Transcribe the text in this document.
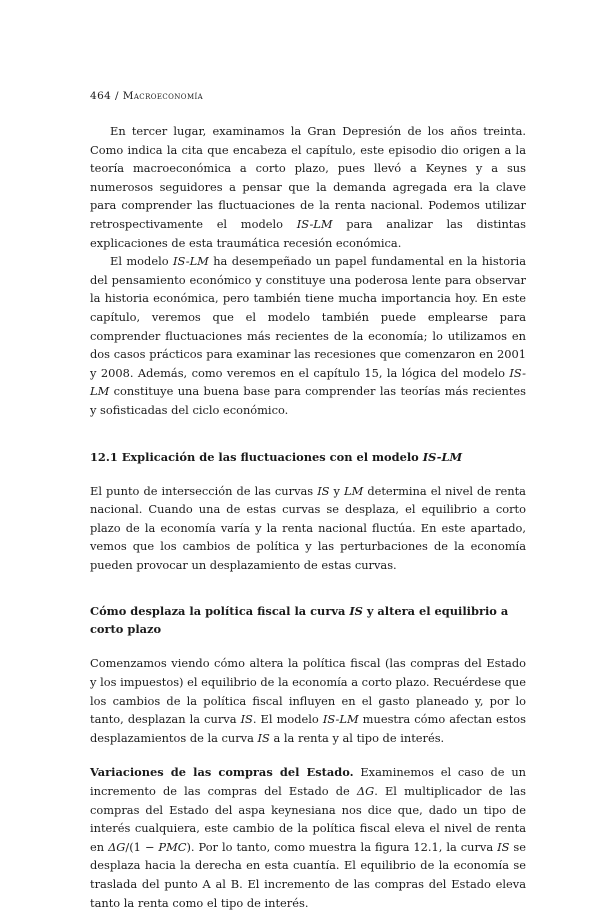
464 / Macroeconomía

En tercer lugar, examinamos la Gran Depresión de los años treinta. Como indica la cita que encabeza el capítulo, este episodio dio origen a la teoría macroeconómica a corto plazo, pues llevó a Keynes y a sus numerosos seguidores a pensar que la demanda agregada era la clave para comprender las fluctuaciones de la renta nacional. Podemos utilizar retrospectivamente el modelo IS-LM para analizar las distintas explicaciones de esta traumática recesión económica.

El modelo IS-LM ha desempeñado un papel fundamental en la historia del pensamiento económico y constituye una poderosa lente para observar la historia económica, pero también tiene mucha importancia hoy. En este capítulo, veremos que el modelo también puede emplearse para comprender fluctuaciones más recientes de la economía; lo utilizamos en dos casos prácticos para examinar las recesiones que comenzaron en 2001 y 2008. Además, como veremos en el capítulo 15, la lógica del modelo IS-LM constituye una buena base para comprender las teorías más recientes y sofisticadas del ciclo económico.

12.1 Explicación de las fluctuaciones con el modelo IS-LM

El punto de intersección de las curvas IS y LM determina el nivel de renta nacional. Cuando una de estas curvas se desplaza, el equilibrio a corto plazo de la economía varía y la renta nacional fluctúa. En este apartado, vemos que los cambios de política y las perturbaciones de la economía pueden provocar un desplazamiento de estas curvas.

Cómo desplaza la política fiscal la curva IS y altera el equilibrio a corto plazo

Comenzamos viendo cómo altera la política fiscal (las compras del Estado y los impuestos) el equilibrio de la economía a corto plazo. Recuérdese que los cambios de la política fiscal influyen en el gasto planeado y, por lo tanto, desplazan la curva IS. El modelo IS-LM muestra cómo afectan estos desplazamientos de la curva IS a la renta y al tipo de interés.

Variaciones de las compras del Estado. Examinemos el caso de un incremento de las compras del Estado de ΔG. El multiplicador de las compras del Estado del aspa keynesiana nos dice que, dado un tipo de interés cualquiera, este cambio de la política fiscal eleva el nivel de renta en ΔG/(1 − PMC). Por lo tanto, como muestra la figura 12.1, la curva IS se desplaza hacia la derecha en esta cuantía. El equilibrio de la economía se traslada del punto A al B. El incremento de las compras del Estado eleva tanto la renta como el tipo de interés.
